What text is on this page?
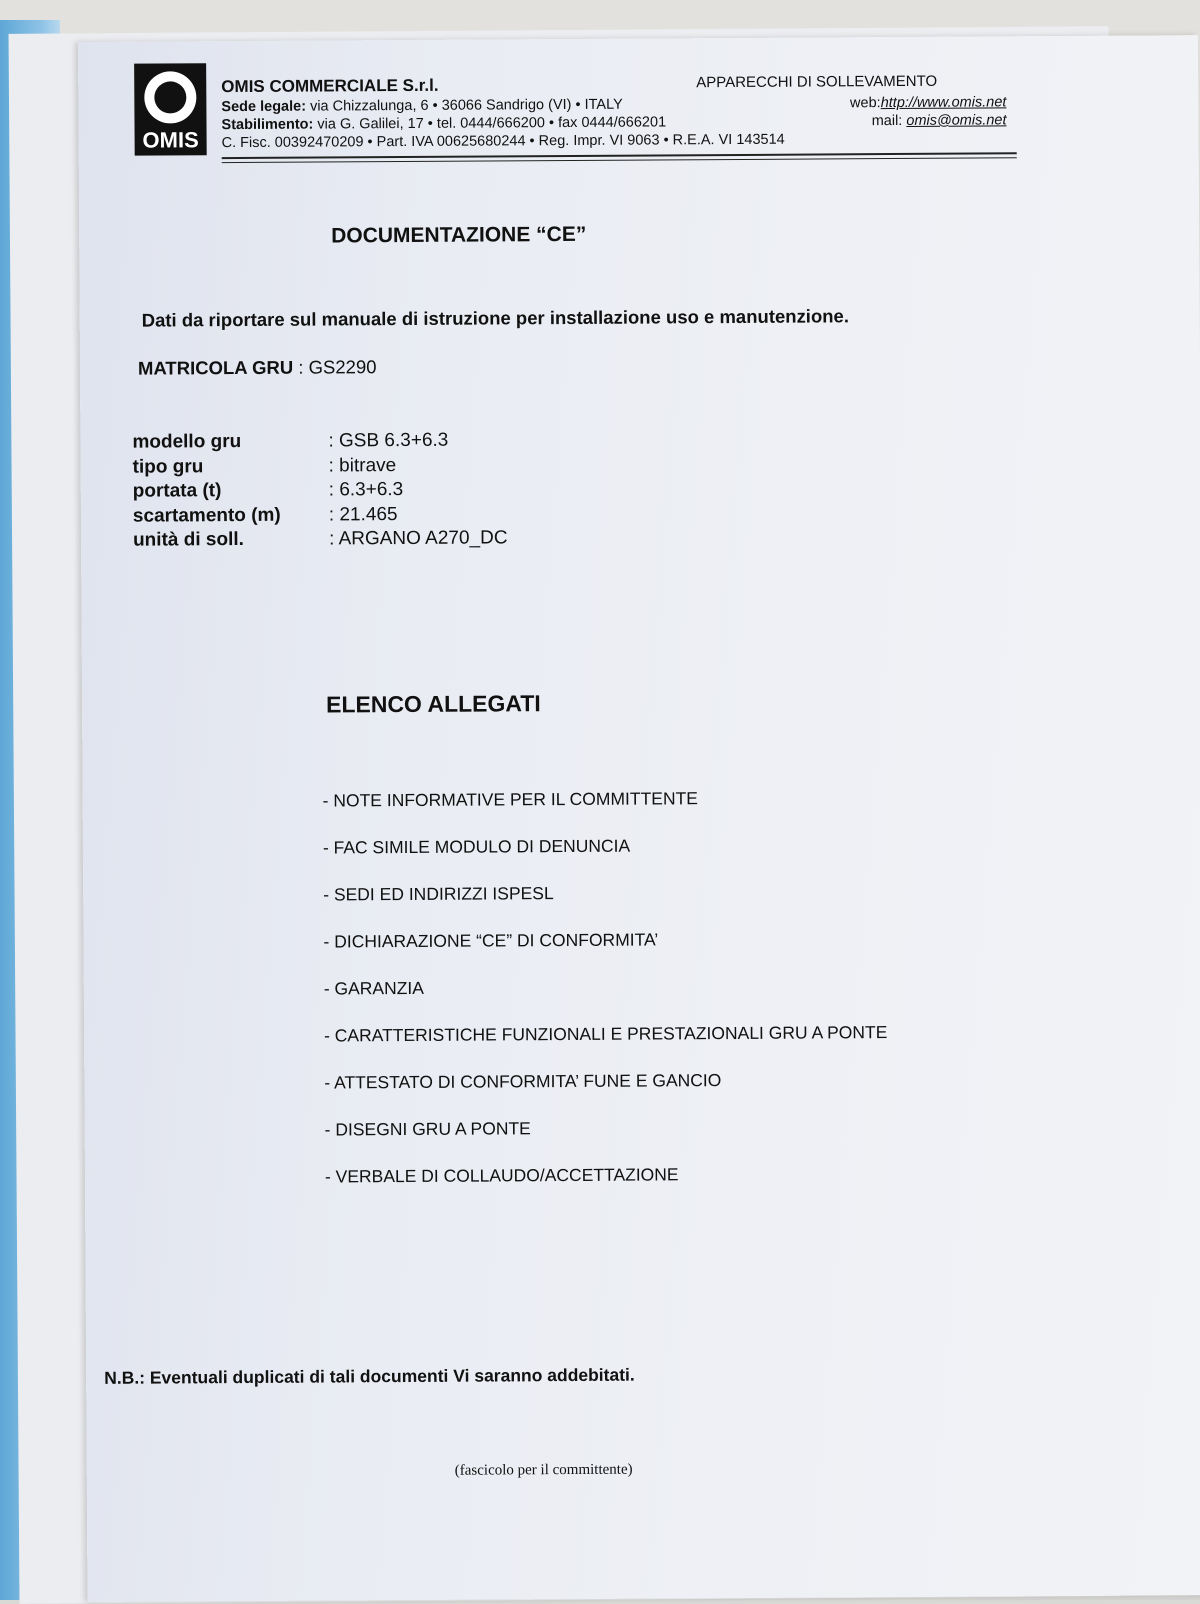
OMIS
OMIS COMMERCIALE S.r.l.	APPARECCHI DI SOLLEVAMENTO
Sede legale: via Chizzalunga, 6 • 36066 Sandrigo (VI) • ITALY
Stabilimento: via G. Galilei, 17 • tel. 0444/666200 • fax 0444/666201
C. Fisc. 00392470209 • Part. IVA 00625680244 • Reg. Impr. VI 9063 • R.E.A. VI 143514
web:http://www.omis.net
mail: omis@omis.net
DOCUMENTAZIONE “CE”
Dati da riportare sul manuale di istruzione per installazione uso e manutenzione.
MATRICOLA GRU : GS2290
modello gru	: GSB 6.3+6.3
tipo gru	: bitrave
portata (t)	: 6.3+6.3
scartamento (m)	: 21.465
unità di soll.	: ARGANO A270_DC
ELENCO ALLEGATI
- NOTE INFORMATIVE PER IL COMMITTENTE
- FAC SIMILE MODULO DI DENUNCIA
- SEDI ED INDIRIZZI ISPESL
- DICHIARAZIONE “CE” DI CONFORMITA’
- GARANZIA
- CARATTERISTICHE FUNZIONALI E PRESTAZIONALI GRU A PONTE
- ATTESTATO DI CONFORMITA’ FUNE E GANCIO
- DISEGNI GRU A PONTE
- VERBALE DI COLLAUDO/ACCETTAZIONE
N.B.: Eventuali duplicati di tali documenti Vi saranno addebitati.
(fascicolo per il committente)
